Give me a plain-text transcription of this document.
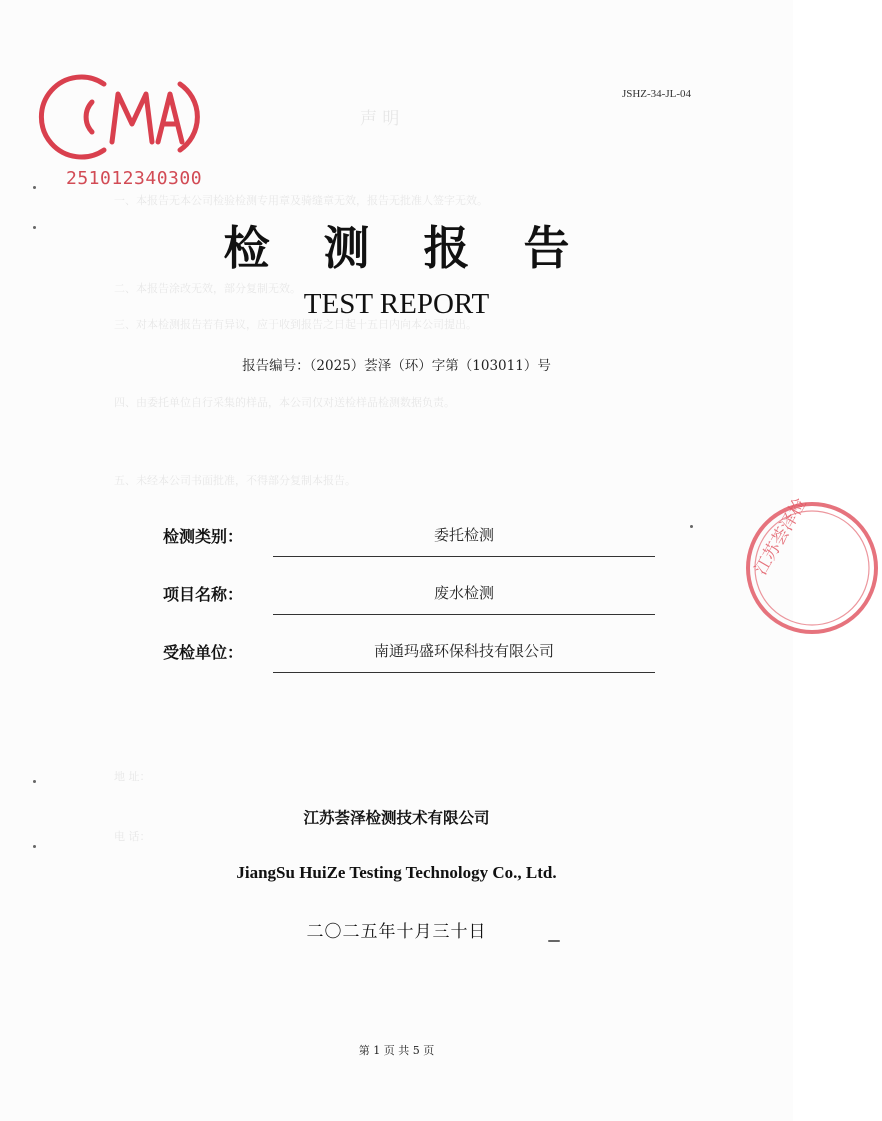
声 明
一、本报告无本公司检验检测专用章及骑缝章无效，报告无批准人签字无效。
二、本报告涂改无效，部分复制无效。
三、对本检测报告若有异议，应于收到报告之日起十五日内向本公司提出。
四、由委托单位自行采集的样品，本公司仅对送检样品检测数据负责。
五、未经本公司书面批准，不得部分复制本报告。
地 址：
电 话：
251012340300
JSHZ-34-JL-04
检测报告
TEST REPORT
报告编号：（2025）荟泽（环）字第（103011）号
检测类别：	委托检测
项目名称：	废水检测
受检单位：	南通玛盛环保科技有限公司
江苏荟泽检测技术有限公司
JiangSu HuiZe Testing Technology Co., Ltd.
二〇二五年十月三十日
第 1 页 共 5 页
江苏荟泽检
